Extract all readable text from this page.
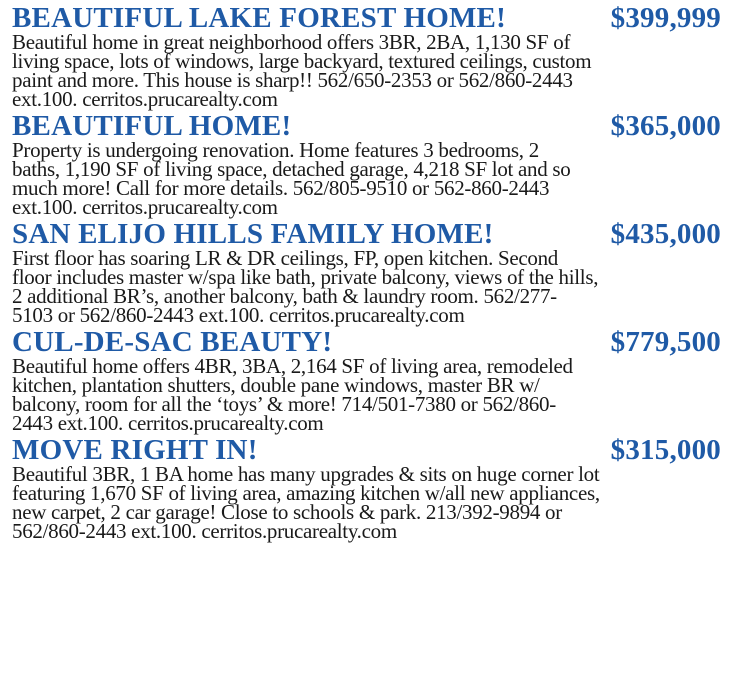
BEAUTIFUL LAKE FOREST HOME!	$399,999
Beautiful home in great neighborhood offers 3BR, 2BA, 1,130 SF of
living space, lots of windows, large backyard, textured ceilings, custom
paint and more. This house is sharp!! 562/650-2353 or 562/860-2443
ext.100. cerritos.prucarealty.com
BEAUTIFUL HOME!	$365,000
Property is undergoing renovation. Home features 3 bedrooms, 2
baths, 1,190 SF of living space, detached garage, 4,218 SF lot and so
much more! Call for more details. 562/805-9510 or 562-860-2443
ext.100. cerritos.prucarealty.com
SAN ELIJO HILLS FAMILY HOME!	$435,000
First floor has soaring LR & DR ceilings, FP, open kitchen. Second
floor includes master w/spa like bath, private balcony, views of the hills,
2 additional BR’s, another balcony, bath & laundry room. 562/277-
5103 or 562/860-2443 ext.100. cerritos.prucarealty.com
CUL-DE-SAC BEAUTY!	$779,500
Beautiful home offers 4BR, 3BA, 2,164 SF of living area, remodeled
kitchen, plantation shutters, double pane windows, master BR w/
balcony, room for all the ‘toys’ & more! 714/501-7380 or 562/860-
2443 ext.100. cerritos.prucarealty.com
MOVE RIGHT IN!	$315,000
Beautiful 3BR, 1 BA home has many upgrades & sits on huge corner lot
featuring 1,670 SF of living area, amazing kitchen w/all new appliances,
new carpet, 2 car garage! Close to schools & park. 213/392-9894 or
562/860-2443 ext.100. cerritos.prucarealty.com
